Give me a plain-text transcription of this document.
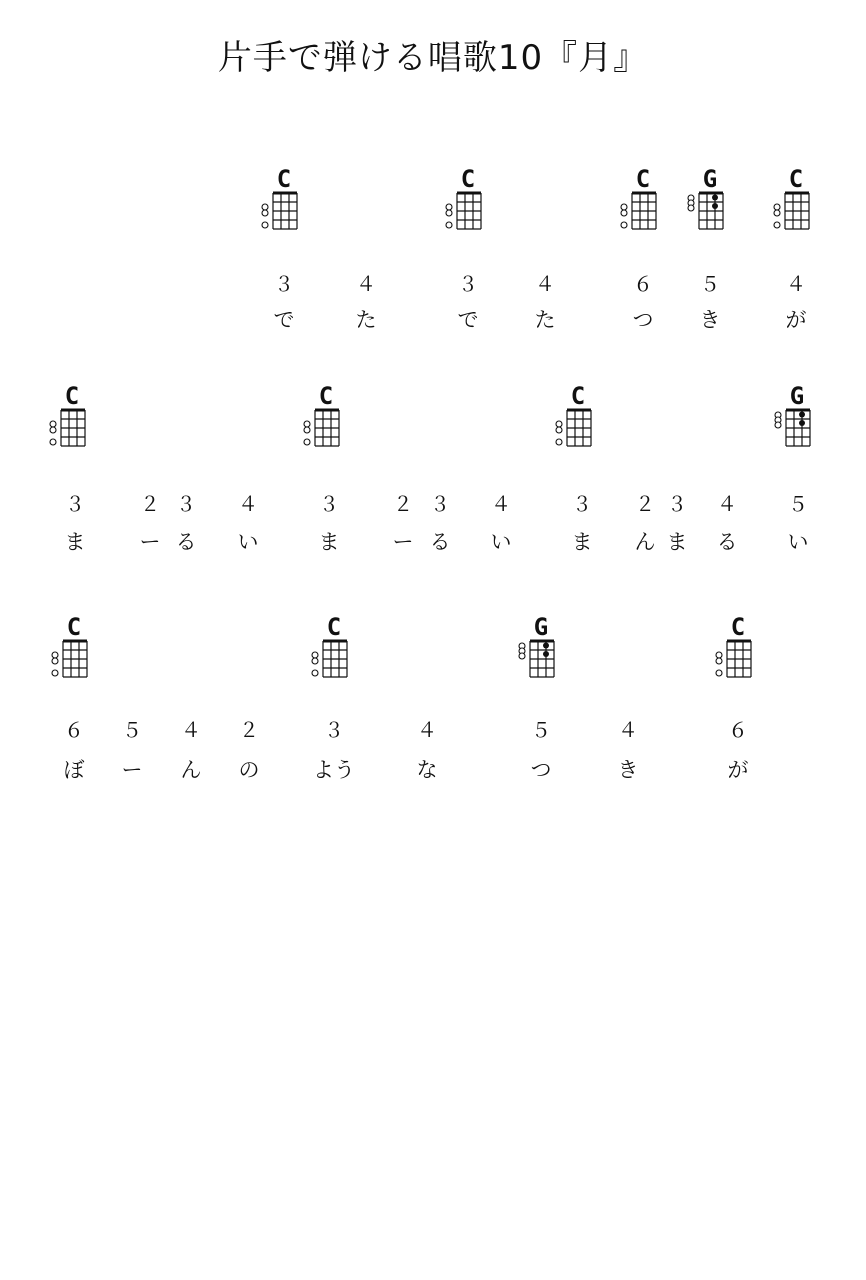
片手で弾ける唱歌10『月』
C	C	C	G	C
３
で
４
た
３
で
４
た
６
つ
５
き
４
が
C	C	C	G
３
ま
２
ー
３
る
４
い
３
ま
２
ー
３
る
４
い
３
ま
２
ん
３
ま
４
る
５
い
C	C	G	C
６
ぼ
５
ー
４
ん
２
の
３
よう
４
な
５
つ
４
き
６
が
